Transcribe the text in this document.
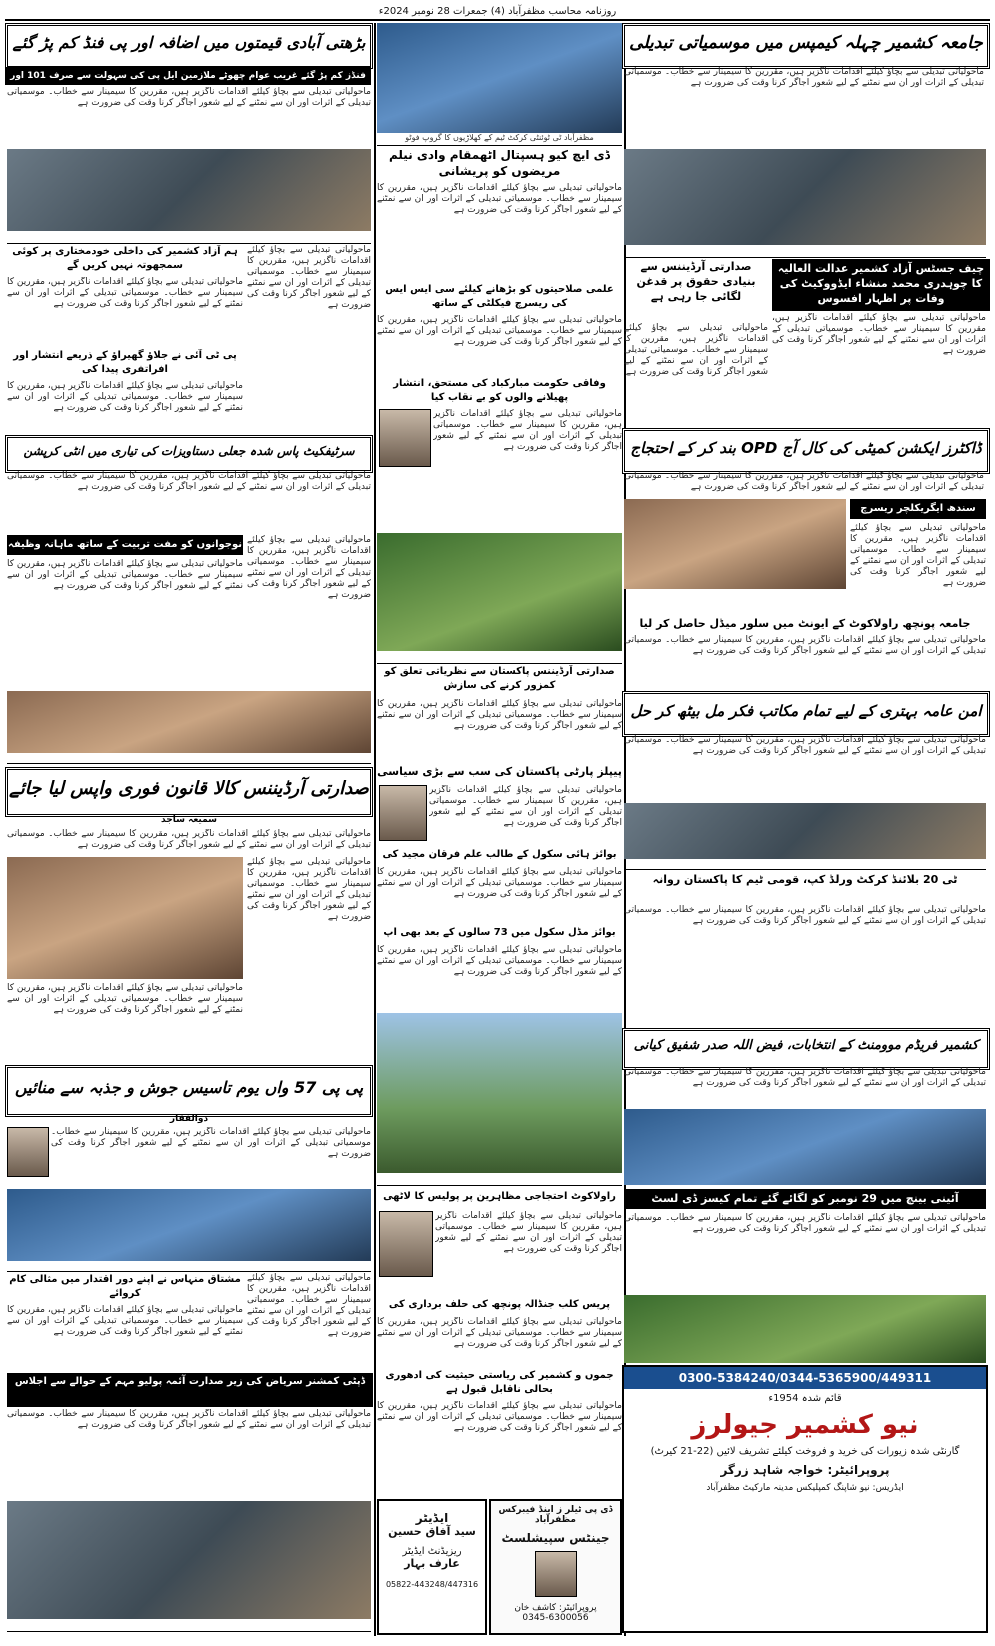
روزنامہ محاسب مظفرآباد (4) جمعرات 28 نومبر 2024ء
جامعہ کشمیر چہلہ کیمپس میں موسمیاتی تبدیلی
ماحولیاتی تبدیلی سے بچاؤ کیلئے اقدامات ناگزیر ہیں، مقررین کا سیمینار سے خطاب۔ موسمیاتی تبدیلی کے اثرات اور ان سے نمٹنے کے لیے شعور اجاگر کرنا وقت کی ضرورت ہے
چیف جسٹس آزاد کشمیر عدالت العالیہ کا چوہدری محمد منشاء ایڈووکیٹ کی وفات پر اظہار افسوس
صدارتی آرڈیننس سے بنیادی حقوق پر قدغن لگائی جا رہی ہے
ماحولیاتی تبدیلی سے بچاؤ کیلئے اقدامات ناگزیر ہیں، مقررین کا سیمینار سے خطاب۔ موسمیاتی تبدیلی کے اثرات اور ان سے نمٹنے کے لیے شعور اجاگر کرنا وقت کی ضرورت ہے
ماحولیاتی تبدیلی سے بچاؤ کیلئے اقدامات ناگزیر ہیں، مقررین کا سیمینار سے خطاب۔ موسمیاتی تبدیلی کے اثرات اور ان سے نمٹنے کے لیے شعور اجاگر کرنا وقت کی ضرورت ہے
ڈاکٹرز ایکشن کمیٹی کی کال آج OPD بند کر کے احتجاج
ماحولیاتی تبدیلی سے بچاؤ کیلئے اقدامات ناگزیر ہیں، مقررین کا سیمینار سے خطاب۔ موسمیاتی تبدیلی کے اثرات اور ان سے نمٹنے کے لیے شعور اجاگر کرنا وقت کی ضرورت ہے
سندھ ایگریکلچر ریسرچ
ماحولیاتی تبدیلی سے بچاؤ کیلئے اقدامات ناگزیر ہیں، مقررین کا سیمینار سے خطاب۔ موسمیاتی تبدیلی کے اثرات اور ان سے نمٹنے کے لیے شعور اجاگر کرنا وقت کی ضرورت ہے
جامعہ پونچھ راولاکوٹ کے ایونٹ میں سلور میڈل حاصل کر لیا
ماحولیاتی تبدیلی سے بچاؤ کیلئے اقدامات ناگزیر ہیں، مقررین کا سیمینار سے خطاب۔ موسمیاتی تبدیلی کے اثرات اور ان سے نمٹنے کے لیے شعور اجاگر کرنا وقت کی ضرورت ہے
امن عامہ بہتری کے لیے تمام مکاتب فکر مل بیٹھ کر حل
ماحولیاتی تبدیلی سے بچاؤ کیلئے اقدامات ناگزیر ہیں، مقررین کا سیمینار سے خطاب۔ موسمیاتی تبدیلی کے اثرات اور ان سے نمٹنے کے لیے شعور اجاگر کرنا وقت کی ضرورت ہے
ٹی 20 بلائنڈ کرکٹ ورلڈ کپ، قومی ٹیم کا پاکستان روانہ
ماحولیاتی تبدیلی سے بچاؤ کیلئے اقدامات ناگزیر ہیں، مقررین کا سیمینار سے خطاب۔ موسمیاتی تبدیلی کے اثرات اور ان سے نمٹنے کے لیے شعور اجاگر کرنا وقت کی ضرورت ہے
کشمیر فریڈم موومنٹ کے انتخابات، فیض اللہ صدر شفیق کیانی
ماحولیاتی تبدیلی سے بچاؤ کیلئے اقدامات ناگزیر ہیں، مقررین کا سیمینار سے خطاب۔ موسمیاتی تبدیلی کے اثرات اور ان سے نمٹنے کے لیے شعور اجاگر کرنا وقت کی ضرورت ہے
آئینی بینچ میں 29 نومبر کو لگائے گئے تمام کیسز ڈی لسٹ
ماحولیاتی تبدیلی سے بچاؤ کیلئے اقدامات ناگزیر ہیں، مقررین کا سیمینار سے خطاب۔ موسمیاتی تبدیلی کے اثرات اور ان سے نمٹنے کے لیے شعور اجاگر کرنا وقت کی ضرورت ہے
0300-5384240/0344-5365900/449311
قائم شدہ 1954ء
نیو کشمیر جیولرز
گارنٹی شدہ زیورات کی خرید و فروخت کیلئے تشریف لائیں (22-21 کیرٹ)
پروپرائیٹر: خواجہ شاہد زرگر
ایڈریس: نیو شاپنگ کمپلیکس مدینہ مارکیٹ مظفرآباد
مظفرآباد ٹی ٹوئنٹی کرکٹ ٹیم کے کھلاڑیوں کا گروپ فوٹو
ڈی ایچ کیو ہسپتال اٹھمقام وادی نیلم مریضوں کو پریشانی
ماحولیاتی تبدیلی سے بچاؤ کیلئے اقدامات ناگزیر ہیں، مقررین کا سیمینار سے خطاب۔ موسمیاتی تبدیلی کے اثرات اور ان سے نمٹنے کے لیے شعور اجاگر کرنا وقت کی ضرورت ہے
علمی صلاحیتوں کو بڑھانے کیلئے سی ایس ایس کی ریسرچ فیکلٹی کے ساتھ
ماحولیاتی تبدیلی سے بچاؤ کیلئے اقدامات ناگزیر ہیں، مقررین کا سیمینار سے خطاب۔ موسمیاتی تبدیلی کے اثرات اور ان سے نمٹنے کے لیے شعور اجاگر کرنا وقت کی ضرورت ہے
وفاقی حکومت مبارکباد کی مستحق، انتشار پھیلانے والوں کو بے نقاب کیا
ماحولیاتی تبدیلی سے بچاؤ کیلئے اقدامات ناگزیر ہیں، مقررین کا سیمینار سے خطاب۔ موسمیاتی تبدیلی کے اثرات اور ان سے نمٹنے کے لیے شعور اجاگر کرنا وقت کی ضرورت ہے
صدارتی آرڈیننس پاکستان سے نظریاتی تعلق کو کمزور کرنے کی سازش
ماحولیاتی تبدیلی سے بچاؤ کیلئے اقدامات ناگزیر ہیں، مقررین کا سیمینار سے خطاب۔ موسمیاتی تبدیلی کے اثرات اور ان سے نمٹنے کے لیے شعور اجاگر کرنا وقت کی ضرورت ہے
پیپلز پارٹی پاکستان کی سب سے بڑی سیاسی
ماحولیاتی تبدیلی سے بچاؤ کیلئے اقدامات ناگزیر ہیں، مقررین کا سیمینار سے خطاب۔ موسمیاتی تبدیلی کے اثرات اور ان سے نمٹنے کے لیے شعور اجاگر کرنا وقت کی ضرورت ہے
بوائز ہائی سکول کے طالب علم فرقان مجید کی
ماحولیاتی تبدیلی سے بچاؤ کیلئے اقدامات ناگزیر ہیں، مقررین کا سیمینار سے خطاب۔ موسمیاتی تبدیلی کے اثرات اور ان سے نمٹنے کے لیے شعور اجاگر کرنا وقت کی ضرورت ہے
بوائز مڈل سکول میں 73 سالوں کے بعد بھی اپ
ماحولیاتی تبدیلی سے بچاؤ کیلئے اقدامات ناگزیر ہیں، مقررین کا سیمینار سے خطاب۔ موسمیاتی تبدیلی کے اثرات اور ان سے نمٹنے کے لیے شعور اجاگر کرنا وقت کی ضرورت ہے
راولاکوٹ احتجاجی مظاہرین پر پولیس کا لاٹھی
ماحولیاتی تبدیلی سے بچاؤ کیلئے اقدامات ناگزیر ہیں، مقررین کا سیمینار سے خطاب۔ موسمیاتی تبدیلی کے اثرات اور ان سے نمٹنے کے لیے شعور اجاگر کرنا وقت کی ضرورت ہے
پریس کلب جنڈالہ پونچھ کی حلف برداری کی
ماحولیاتی تبدیلی سے بچاؤ کیلئے اقدامات ناگزیر ہیں، مقررین کا سیمینار سے خطاب۔ موسمیاتی تبدیلی کے اثرات اور ان سے نمٹنے کے لیے شعور اجاگر کرنا وقت کی ضرورت ہے
جموں و کشمیر کی ریاستی حیثیت کی ادھوری بحالی ناقابل قبول ہے
ماحولیاتی تبدیلی سے بچاؤ کیلئے اقدامات ناگزیر ہیں، مقررین کا سیمینار سے خطاب۔ موسمیاتی تبدیلی کے اثرات اور ان سے نمٹنے کے لیے شعور اجاگر کرنا وقت کی ضرورت ہے
ڈی پی ٹیلر ز اینڈ فیبرکس مظفرآباد
جینٹس سپیشلسٹ
پروپرائیٹر: کاشف خان
0345-6300056
ایڈیٹر
سید آفاق حسین
ریزیڈنٹ ایڈیٹر
عارف بہار
05822-443248/447316
بڑھتی آبادی قیمتوں میں اضافہ اور پی فنڈ کم پڑ گئے
فنڈز کم پڑ گئے غریب عوام چھوٹے ملازمین ایل پی کی سہولت سے صرف 101 اور
ماحولیاتی تبدیلی سے بچاؤ کیلئے اقدامات ناگزیر ہیں، مقررین کا سیمینار سے خطاب۔ موسمیاتی تبدیلی کے اثرات اور ان سے نمٹنے کے لیے شعور اجاگر کرنا وقت کی ضرورت ہے
ہم آزاد کشمیر کی داخلی خودمختاری پر کوئی سمجھوتہ نہیں کریں گے
ماحولیاتی تبدیلی سے بچاؤ کیلئے اقدامات ناگزیر ہیں، مقررین کا سیمینار سے خطاب۔ موسمیاتی تبدیلی کے اثرات اور ان سے نمٹنے کے لیے شعور اجاگر کرنا وقت کی ضرورت ہے
پی ٹی آئی نے جلاؤ گھیراؤ کے ذریعے انتشار اور افراتفری پیدا کی
ماحولیاتی تبدیلی سے بچاؤ کیلئے اقدامات ناگزیر ہیں، مقررین کا سیمینار سے خطاب۔ موسمیاتی تبدیلی کے اثرات اور ان سے نمٹنے کے لیے شعور اجاگر کرنا وقت کی ضرورت ہے
ماحولیاتی تبدیلی سے بچاؤ کیلئے اقدامات ناگزیر ہیں، مقررین کا سیمینار سے خطاب۔ موسمیاتی تبدیلی کے اثرات اور ان سے نمٹنے کے لیے شعور اجاگر کرنا وقت کی ضرورت ہے
سرٹیفکیٹ پاس شدہ جعلی دستاویزات کی تیاری میں انٹی کرپشن
ماحولیاتی تبدیلی سے بچاؤ کیلئے اقدامات ناگزیر ہیں، مقررین کا سیمینار سے خطاب۔ موسمیاتی تبدیلی کے اثرات اور ان سے نمٹنے کے لیے شعور اجاگر کرنا وقت کی ضرورت ہے
نوجوانوں کو مفت تربیت کے ساتھ ماہانہ وظیفہ
ماحولیاتی تبدیلی سے بچاؤ کیلئے اقدامات ناگزیر ہیں، مقررین کا سیمینار سے خطاب۔ موسمیاتی تبدیلی کے اثرات اور ان سے نمٹنے کے لیے شعور اجاگر کرنا وقت کی ضرورت ہے
ماحولیاتی تبدیلی سے بچاؤ کیلئے اقدامات ناگزیر ہیں، مقررین کا سیمینار سے خطاب۔ موسمیاتی تبدیلی کے اثرات اور ان سے نمٹنے کے لیے شعور اجاگر کرنا وقت کی ضرورت ہے
صدارتی آرڈیننس کالا قانون فوری واپس لیا جائے
سمیعہ ساجد
ماحولیاتی تبدیلی سے بچاؤ کیلئے اقدامات ناگزیر ہیں، مقررین کا سیمینار سے خطاب۔ موسمیاتی تبدیلی کے اثرات اور ان سے نمٹنے کے لیے شعور اجاگر کرنا وقت کی ضرورت ہے
ماحولیاتی تبدیلی سے بچاؤ کیلئے اقدامات ناگزیر ہیں، مقررین کا سیمینار سے خطاب۔ موسمیاتی تبدیلی کے اثرات اور ان سے نمٹنے کے لیے شعور اجاگر کرنا وقت کی ضرورت ہے
ماحولیاتی تبدیلی سے بچاؤ کیلئے اقدامات ناگزیر ہیں، مقررین کا سیمینار سے خطاب۔ موسمیاتی تبدیلی کے اثرات اور ان سے نمٹنے کے لیے شعور اجاگر کرنا وقت کی ضرورت ہے
پی پی 57 واں یوم تاسیس جوش و جذبہ سے منائیں
ذوالفقار
ماحولیاتی تبدیلی سے بچاؤ کیلئے اقدامات ناگزیر ہیں، مقررین کا سیمینار سے خطاب۔ موسمیاتی تبدیلی کے اثرات اور ان سے نمٹنے کے لیے شعور اجاگر کرنا وقت کی ضرورت ہے
مشتاق منہاس نے اپنے دور اقتدار میں مثالی کام کروائے
ماحولیاتی تبدیلی سے بچاؤ کیلئے اقدامات ناگزیر ہیں، مقررین کا سیمینار سے خطاب۔ موسمیاتی تبدیلی کے اثرات اور ان سے نمٹنے کے لیے شعور اجاگر کرنا وقت کی ضرورت ہے
ماحولیاتی تبدیلی سے بچاؤ کیلئے اقدامات ناگزیر ہیں، مقررین کا سیمینار سے خطاب۔ موسمیاتی تبدیلی کے اثرات اور ان سے نمٹنے کے لیے شعور اجاگر کرنا وقت کی ضرورت ہے
ڈپٹی کمشنر سریاض کی زیر صدارت آئمہ پولیو مہم کے حوالے سے اجلاس
ماحولیاتی تبدیلی سے بچاؤ کیلئے اقدامات ناگزیر ہیں، مقررین کا سیمینار سے خطاب۔ موسمیاتی تبدیلی کے اثرات اور ان سے نمٹنے کے لیے شعور اجاگر کرنا وقت کی ضرورت ہے
